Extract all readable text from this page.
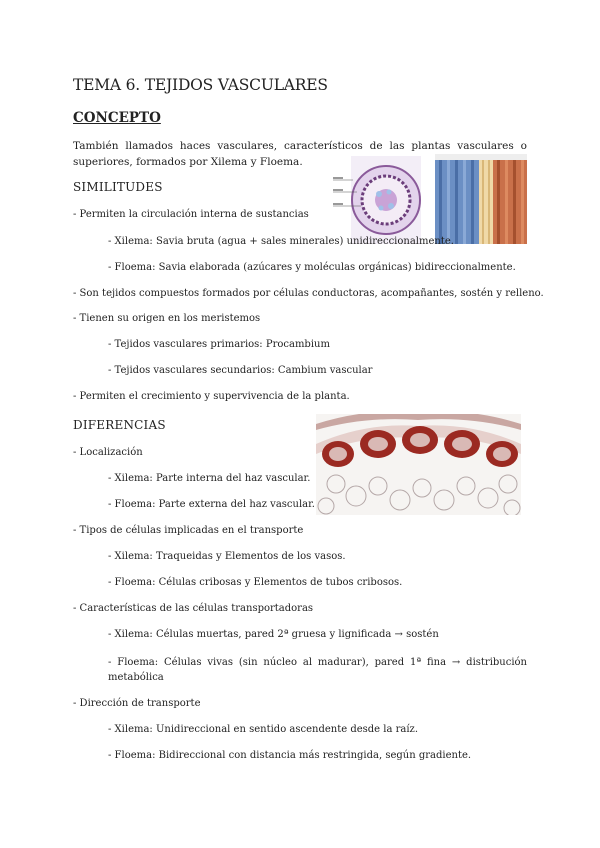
TEMA 6. TEJIDOS VASCULARES
CONCEPTO
También llamados haces vasculares, característicos de las plantas vasculares o superiores, formados por Xilema y Floema.
SIMILITUDES
- Permiten la circulación interna de sustancias
- Xilema: Savia bruta (agua + sales minerales) unidireccionalmente.
- Floema: Savia elaborada (azúcares y moléculas orgánicas) bidireccionalmente.
- Son tejidos compuestos formados por células conductoras, acompañantes, sostén y relleno.
- Tienen su origen en los meristemos
- Tejidos vasculares primarios: Procambium
- Tejidos vasculares secundarios: Cambium vascular
- Permiten el crecimiento y supervivencia de la planta.
DIFERENCIAS
- Localización
- Xilema: Parte interna del haz vascular.
- Floema: Parte externa del haz vascular.
- Tipos de células implicadas en el transporte
- Xilema: Traqueidas y Elementos de los vasos.
- Floema: Células cribosas y Elementos de tubos cribosos.
- Características de las células transportadoras
- Xilema: Células muertas, pared 2ª gruesa y lignificada → sostén
- Floema: Células vivas (sin núcleo al madurar), pared 1ª fina → distribución metabólica
- Dirección de transporte
- Xilema: Unidireccional en sentido ascendente desde la raíz.
- Floema: Bidireccional con distancia más restringida, según gradiente.
